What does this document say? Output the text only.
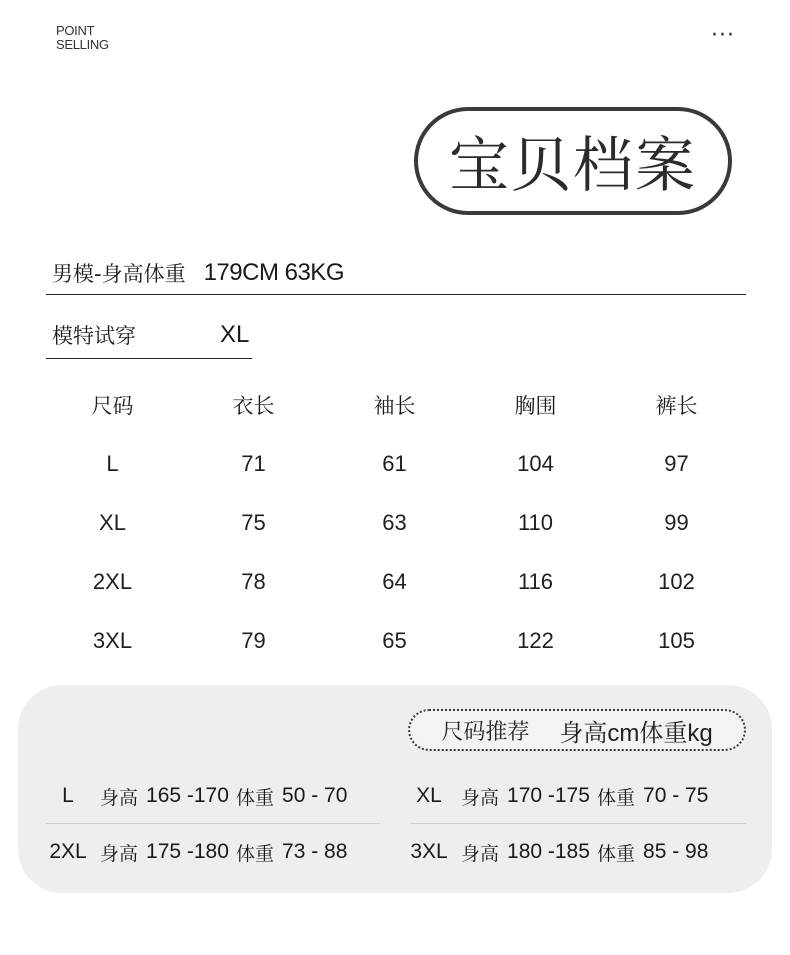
POINT
SELLING	···
宝贝档案
男模-身高体重 179CM 63KG
模特试穿	XL
尺码	衣长	袖长	胸围	裤长
L	71	61	104	97
XL	75	63	110	99
2XL	78	64	116	102
3XL	79	65	122	105
尺码推荐 身高cm 体重kg
L	身高 165 -170 体重 50 - 70	XL	身高 170 -175 体重 70 - 75
2XL 身高 175 -180 体重 73 - 88	3XL 身高 180 -185 体重 85 - 98
